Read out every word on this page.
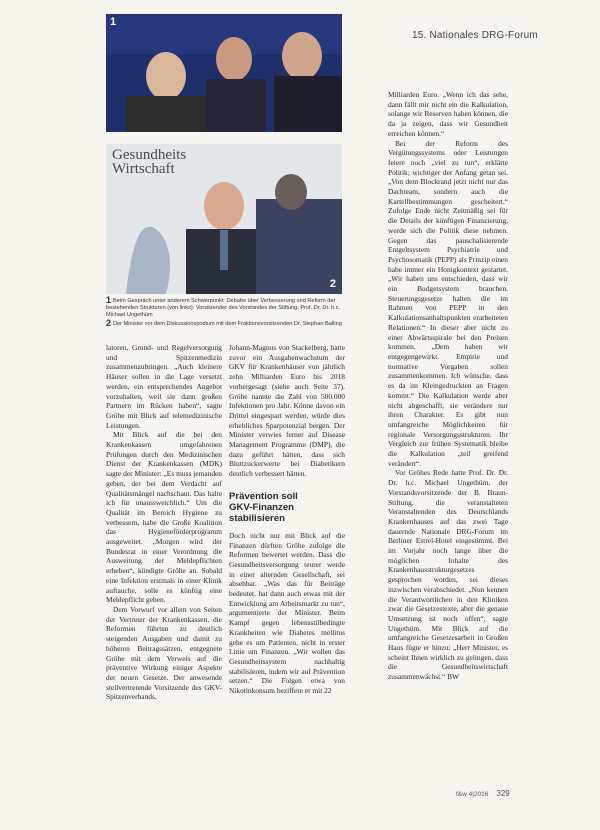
15. Nationales DRG-Forum
1
Gesundheits
Wirtschaft
2
1 Beim Gespräch unter anderem Schwerpunkt: Debatte über Verbesserung und Reform der bestehenden Strukturen (von links): Vorsitzender des Vorstandes der Stiftung, Prof. Dr. Dr. h.c. Michael Ungethüm
2 Der Minister vor dem Diskussionspodium mit dem Fraktionsvorsitzenden Dr. Stephan Balling

latoren, Grund- und Regelversorgung und Spitzenmedizin zusammenzubringen. „Auch kleinere Häuser sollen in die Lage versetzt werden, ein entsprechendes Angebot vorzuhalten, weil sie dann großen Partnern im Rücken haben“, sagte Gröhe mit Blick auf telemedizinische Leistungen.

Mit Blick auf die bei den Krankenkassen umgefahrenen Prüfungen durch den Medizinischen Dienst der Krankenkassen (MDK) sagte der Minister: „Es muss jemanden geben, der bei dem Verdacht auf Qualitätsmängel nachschaut. Das halte ich für unaussweichlich.“ Um die Qualität im Bereich Hygiene zu verbessern, habe die Große Koalition das Hygieneförderprogramm ausgeweitet. „Morgen wird der Bundesrat in einer Verordnung die Ausweitung der Meldepflichten erheben“, kündigte Gröhe an. Sobald eine Infektion erstmals in einer Klinik auftauche, solle es künftig eine Meldepflicht geben.

Dem Vorwurf vor allem von Seiten der Vertreter der Krankenkassen, die Reformen führten zu deutlich steigenden Ausgaben und damit zu höheren Beitragssätzen, entgegnete Gröhe mit dem Verweis auf die präventive Wirkung einiger Aspekte der neuen Gesetze. Der anwesende stellvertretende Vorsitzende des GKV-Spitzenverbands,

Johann-Magnus von Stackelberg, hatte zuvor ein Ausgabenwachstum der GKV für Krankenhäuser von jährlich zehn Milliarden Euro bis 2018 vorhergesagt (siehe auch Seite 37). Gröhe nannte die Zahl von 500.000 Infektionen pro Jahr. Könne davon ein Drittel eingespart werden, würde dies erhebliches Sparpotenzial bergen. Der Minister verwies ferner auf Disease Management Programme (DMP), die dazu geführt hätten, dass sich Bluttzuckerwerte bei Diabetikern deutlich verbessert hätten.

Prävention soll
GKV-Finanzen stabilisieren

Doch nicht nur mit Blick auf die Finanzen dürften Gröhe zufolge die Reformen bewertet werden. Dass die Gesundheitsversorgung teurer werde in einer alternden Gesellschaft, sei absehbar. „Was das für Beiträge bedeutet, hat dann auch etwas mit der Entwicklung am Arbeitsmarkt zu tun“, argumentierte der Minister. Beim Kampf gegen lebensstilbedingte Krankheiten wie Diabetes mellitus gehe es um Patienten, nicht in erster Linie um Finanzen. „Wir wollen das Gesundheitssystem nachhaltig stabilisieren, indem wir auf Prävention setzen.“ Die Folgen etwa von Nikotinkonsum beziffere er mit 22

Milliarden Euro. „Wenn ich das sehe, dann fällt mir nicht ein die Kalkulation, solange wir Reserven haben können, die da ja zeigen, dass wir Gesundheit erreichen können.“

Bei der Reform des Vergütungssystems oder Leistungen feiere noch „viel zu tun“, erklärte Politik; wichtiger der Anfang getan sei. „Von dem Blockrand jetzt nicht nur das Dachteam, sondern auch die Kartellbestimmungen gescheitert.“ Zufolge Ende nicht Zeitmäßig sei für die Details der künftigen Finanzierung, werde sich die Politik diese nehmen. Gegen das pauschalisierende Entgeltsystem Psychiatrie und Psychosomatik (PEPP) als Prinzip einen habe immer ein Honigkontext gestartet. „Wir haben uns entschieden, dass wir ein Budgetsystem brauchen. Steuerungsgesetze halten die im Rahmen von PEPP in den Kalkulationsanhaltspunkten erarbeiteten Relationen.“ In dieser aber nicht zu einer Abwärtsspirale bei den Preisen kommen. „Dem haben wir entgegengewirkt. Empirie und normative Vorgaben sollen zusammenkommen. Ich wünsche, dass es da im Kleingedruckten an Fragen kommt.“ Die Kalkulation werde aber nicht abgeschafft, sie verändere nur ihren Charakter. Es gibt nun umfangreiche Möglichkeiten für regionale Versorgungsstrukturen. Ihr Vergleich zur frühen Systematik bleibe die Kalkulation „teil greifend verändert“.

Vor Gröhes Rede hatte Prof. Dr. Dr. Dr. h.c. Michael Ungethüm, der Vorstandsvorsitzende der B. Braun-Stiftung, die veranstalteten Veranstaltenden des Deutschlands Krankenhauses auf das zwei Tage dauernde Nationale DRG-Forum im Berliner Estrel-Hotel eingestimmt. Bei im Vorjahr noch lange über die möglichen Inhalte des Krankenhausstrukturgesetzes gesprochen worden, sei dieses inzwischen verabschiedet. „Nun kennen die Verantwortlichen in den Kliniken zwar die Gesetzestexte, aber die genaue Umsetzung ist noch offen“, sagte Ungethüm. Mit Blick auf die umfangreiche Gesetzesarbeit in Großen Haus fügte er hinzu: „Herr Minister, es scheint Ihnen wirklich zu gelingen, dass die Gesundheitswirtschaft zusammenwächst.“ BW

f&w 4|2016 329
